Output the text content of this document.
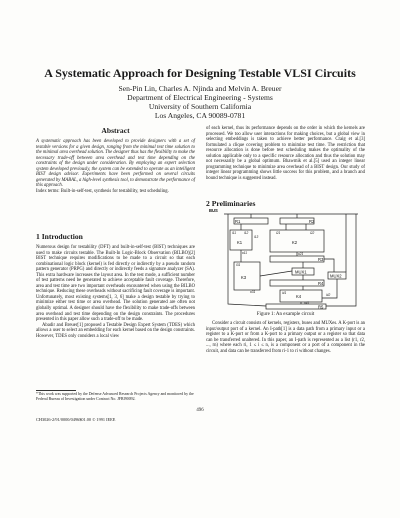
A Systematic Approach for Designing Testable VLSI Circuits
Sen-Pin Lin, Charles A. Njinda and Melvin A. Breuer
Department of Electrical Engineering - Systems
University of Southern California
Los Angeles, CA 90089-0781
Abstract
A systematic approach has been developed to provide designers with a set of testable versions for a given design, ranging from the minimal test time solution to the minimal area overhead solution. The designer thus has the flexibility to make the necessary trade-off between area overhead and test time depending on the constraints of the design under consideration. By employing an expert selection system developed previously, the system can be extended to operate as an intelligent BIST design advisor. Experiments have been performed on several circuits generated by MABAL, a high-level synthesis tool, to demonstrate the performance of this approach.
Index terms: Built-in-self-test, synthesis for testability, test scheduling.
1 Introduction
Numerous design for testability (DFT) and built-in-self-test (BIST) techniques are used to make circuits testable. The Built-In Logic-Block Observation (BILBO)[2] BIST technique requires modifications to be made to a circuit so that each combinational logic block (kernel) is fed directly or indirectly by a pseudo random pattern generator (PRPG) and directly or indirectly feeds a signature analyzer (SA). This extra hardware increases the layout area. In the test mode, a sufficient number of test patterns need be generated to achieve acceptable fault coverage. Therefore, area and test time are two important overheads encountered when using the BILBO technique. Reducing these overheads without sacrificing fault coverage is important. Unfortunately, most existing systems[1, 3, 6] make a design testable by trying to minimize either test time or area overhead. The solution generated are often not globally optimal. A designer should have the flexibility to make trade-offs between area overhead and test time depending on the design constraints. The procedures presented in this paper allow such a trade-off to be made.
Abadir and Breuer[1] proposed a Testable Design Expert System (TDES) which allows a user to select an embedding for each kernel based on the design constraints. However, TDES only considers a local view
*This work was supported by the Defense Advanced Research Projects Agency and monitored by the Federal Bureau of Investigation under Contract No. JFBI90092.
of each kernel, thus its performance depends on the order in which the kernels are processed. We too allow user interactions for making choices, but a global view in selecting embeddings is taken to achieve better performance. Craig et al.[3] formulated a clique covering problem to minimize test time. The restriction that resource allocation is done before test scheduling makes the optimality of the solution applicable only to a specific resource allocation and thus the solution may not necessarily be a global optimum. Bhawmik et al.[5] used an integer linear programming technique to minimize area overhead of a BIST design. Our study of integer linear programming shows little success for this problem, and a branch and bound technique is suggested instead.
2 Preliminaries
BUS
R1	R2
K1	K2
R3
K3
R4
K4
R5
MUX1
MUX2
i11 i12
i13
i21	i22
o11	o21
i31
o31	i41	i42
o41
Figure 1: An example circuit
Consider a circuit consists of kernels, registers, buses and MUXes. A K-port is an input/output port of a kernel. An I-path[1] is a data path from a primary input or a register to a K-port or from a K-port to a primary output or a register so that data can be transferred unaltered. In this paper, an I-path is represented as a list (r1, r2, ..., rn) where each ri, 1 ≤ i ≤ n, is a component or a port of a component in the circuit, and data can be transferred from ri-1 to ri without changes.
496
CH3026-2/91/0000/0496$01.00 © 1991 IEEE
